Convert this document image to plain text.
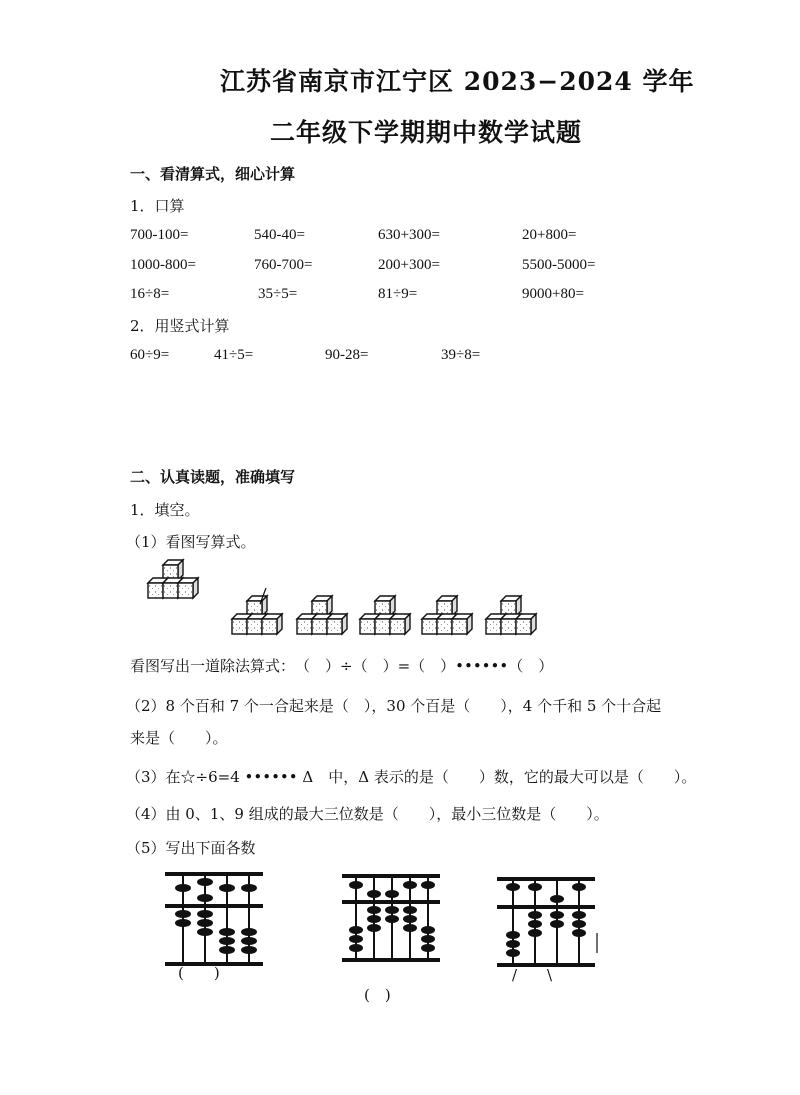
江苏省南京市江宁区 2023−2024 学年
二年级下学期期中数学试题
一、看清算式，细心计算
1．口算
700-100=	540-40=	630+300=	20+800=
1000-800=	760-700=	200+300=	5500-5000=
16÷8=	35÷5=	81÷9=	9000+80=
2．用竖式计算
60÷9=	41÷5=	90-28=	39÷8=
二、认真读题，准确填写
1．填空。
（1）看图写算式。
看图写出一道除法算式：　（　）÷（　）=（　）••••••（　）
（2）8 个百和 7 个一合起来是（　），30 个百是（　　），4 个千和 5 个十合起
来是（　　）。
（3）在☆÷6=4 •••••• Δ　中，Δ 表示的是（　　）数，它的最大可以是（　　）。
（4）由 0、1、9 组成的最大三位数是（　　），最小三位数是（　　）。
（5）写出下面各数
(　　)
(　)
/　　\
